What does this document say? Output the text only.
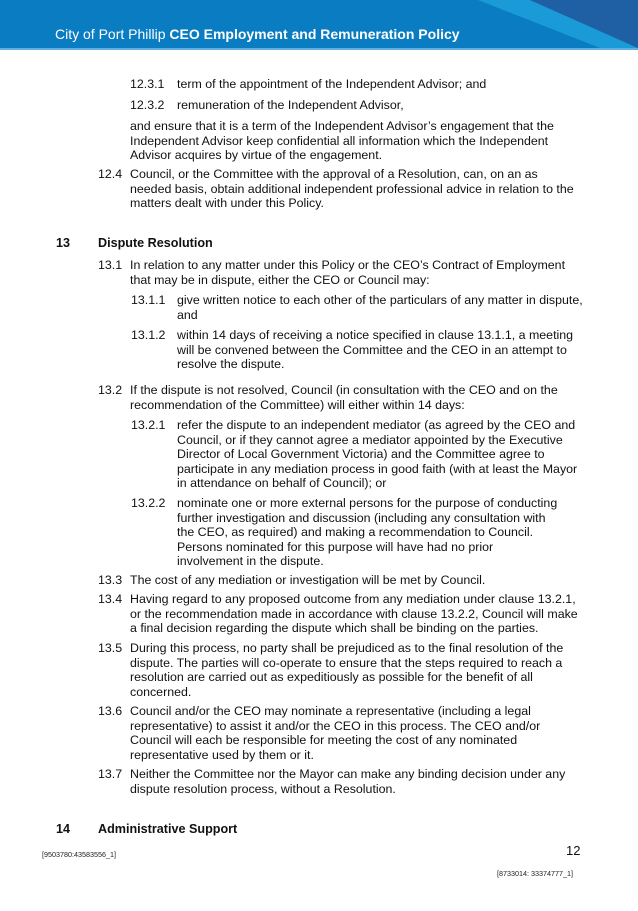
City of Port Phillip CEO Employment and Remuneration Policy
12.3.1 term of the appointment of the Independent Advisor; and
12.3.2 remuneration of the Independent Advisor,
and ensure that it is a term of the Independent Advisor’s engagement that the Independent Advisor keep confidential all information which the Independent Advisor acquires by virtue of the engagement.
12.4 Council, or the Committee with the approval of a Resolution, can, on an as needed basis, obtain additional independent professional advice in relation to the matters dealt with under this Policy.
13 Dispute Resolution
13.1 In relation to any matter under this Policy or the CEO’s Contract of Employment that may be in dispute, either the CEO or Council may:
13.1.1 give written notice to each other of the particulars of any matter in dispute, and
13.1.2 within 14 days of receiving a notice specified in clause 13.1.1, a meeting will be convened between the Committee and the CEO in an attempt to resolve the dispute.
13.2 If the dispute is not resolved, Council (in consultation with the CEO and on the recommendation of the Committee) will either within 14 days:
13.2.1 refer the dispute to an independent mediator (as agreed by the CEO and Council, or if they cannot agree a mediator appointed by the Executive Director of Local Government Victoria) and the Committee agree to participate in any mediation process in good faith (with at least the Mayor in attendance on behalf of Council); or
13.2.2 nominate one or more external persons for the purpose of conducting further investigation and discussion (including any consultation with the CEO, as required) and making a recommendation to Council. Persons nominated for this purpose will have had no prior involvement in the dispute.
13.3 The cost of any mediation or investigation will be met by Council.
13.4 Having regard to any proposed outcome from any mediation under clause 13.2.1, or the recommendation made in accordance with clause 13.2.2, Council will make a final decision regarding the dispute which shall be binding on the parties.
13.5 During this process, no party shall be prejudiced as to the final resolution of the dispute. The parties will co-operate to ensure that the steps required to reach a resolution are carried out as expeditiously as possible for the benefit of all concerned.
13.6 Council and/or the CEO may nominate a representative (including a legal representative) to assist it and/or the CEO in this process. The CEO and/or Council will each be responsible for meeting the cost of any nominated representative used by them or it.
13.7 Neither the Committee nor the Mayor can make any binding decision under any dispute resolution process, without a Resolution.
14 Administrative Support
[9503780:43583556_1]	12
[8733014: 33374777_1]
